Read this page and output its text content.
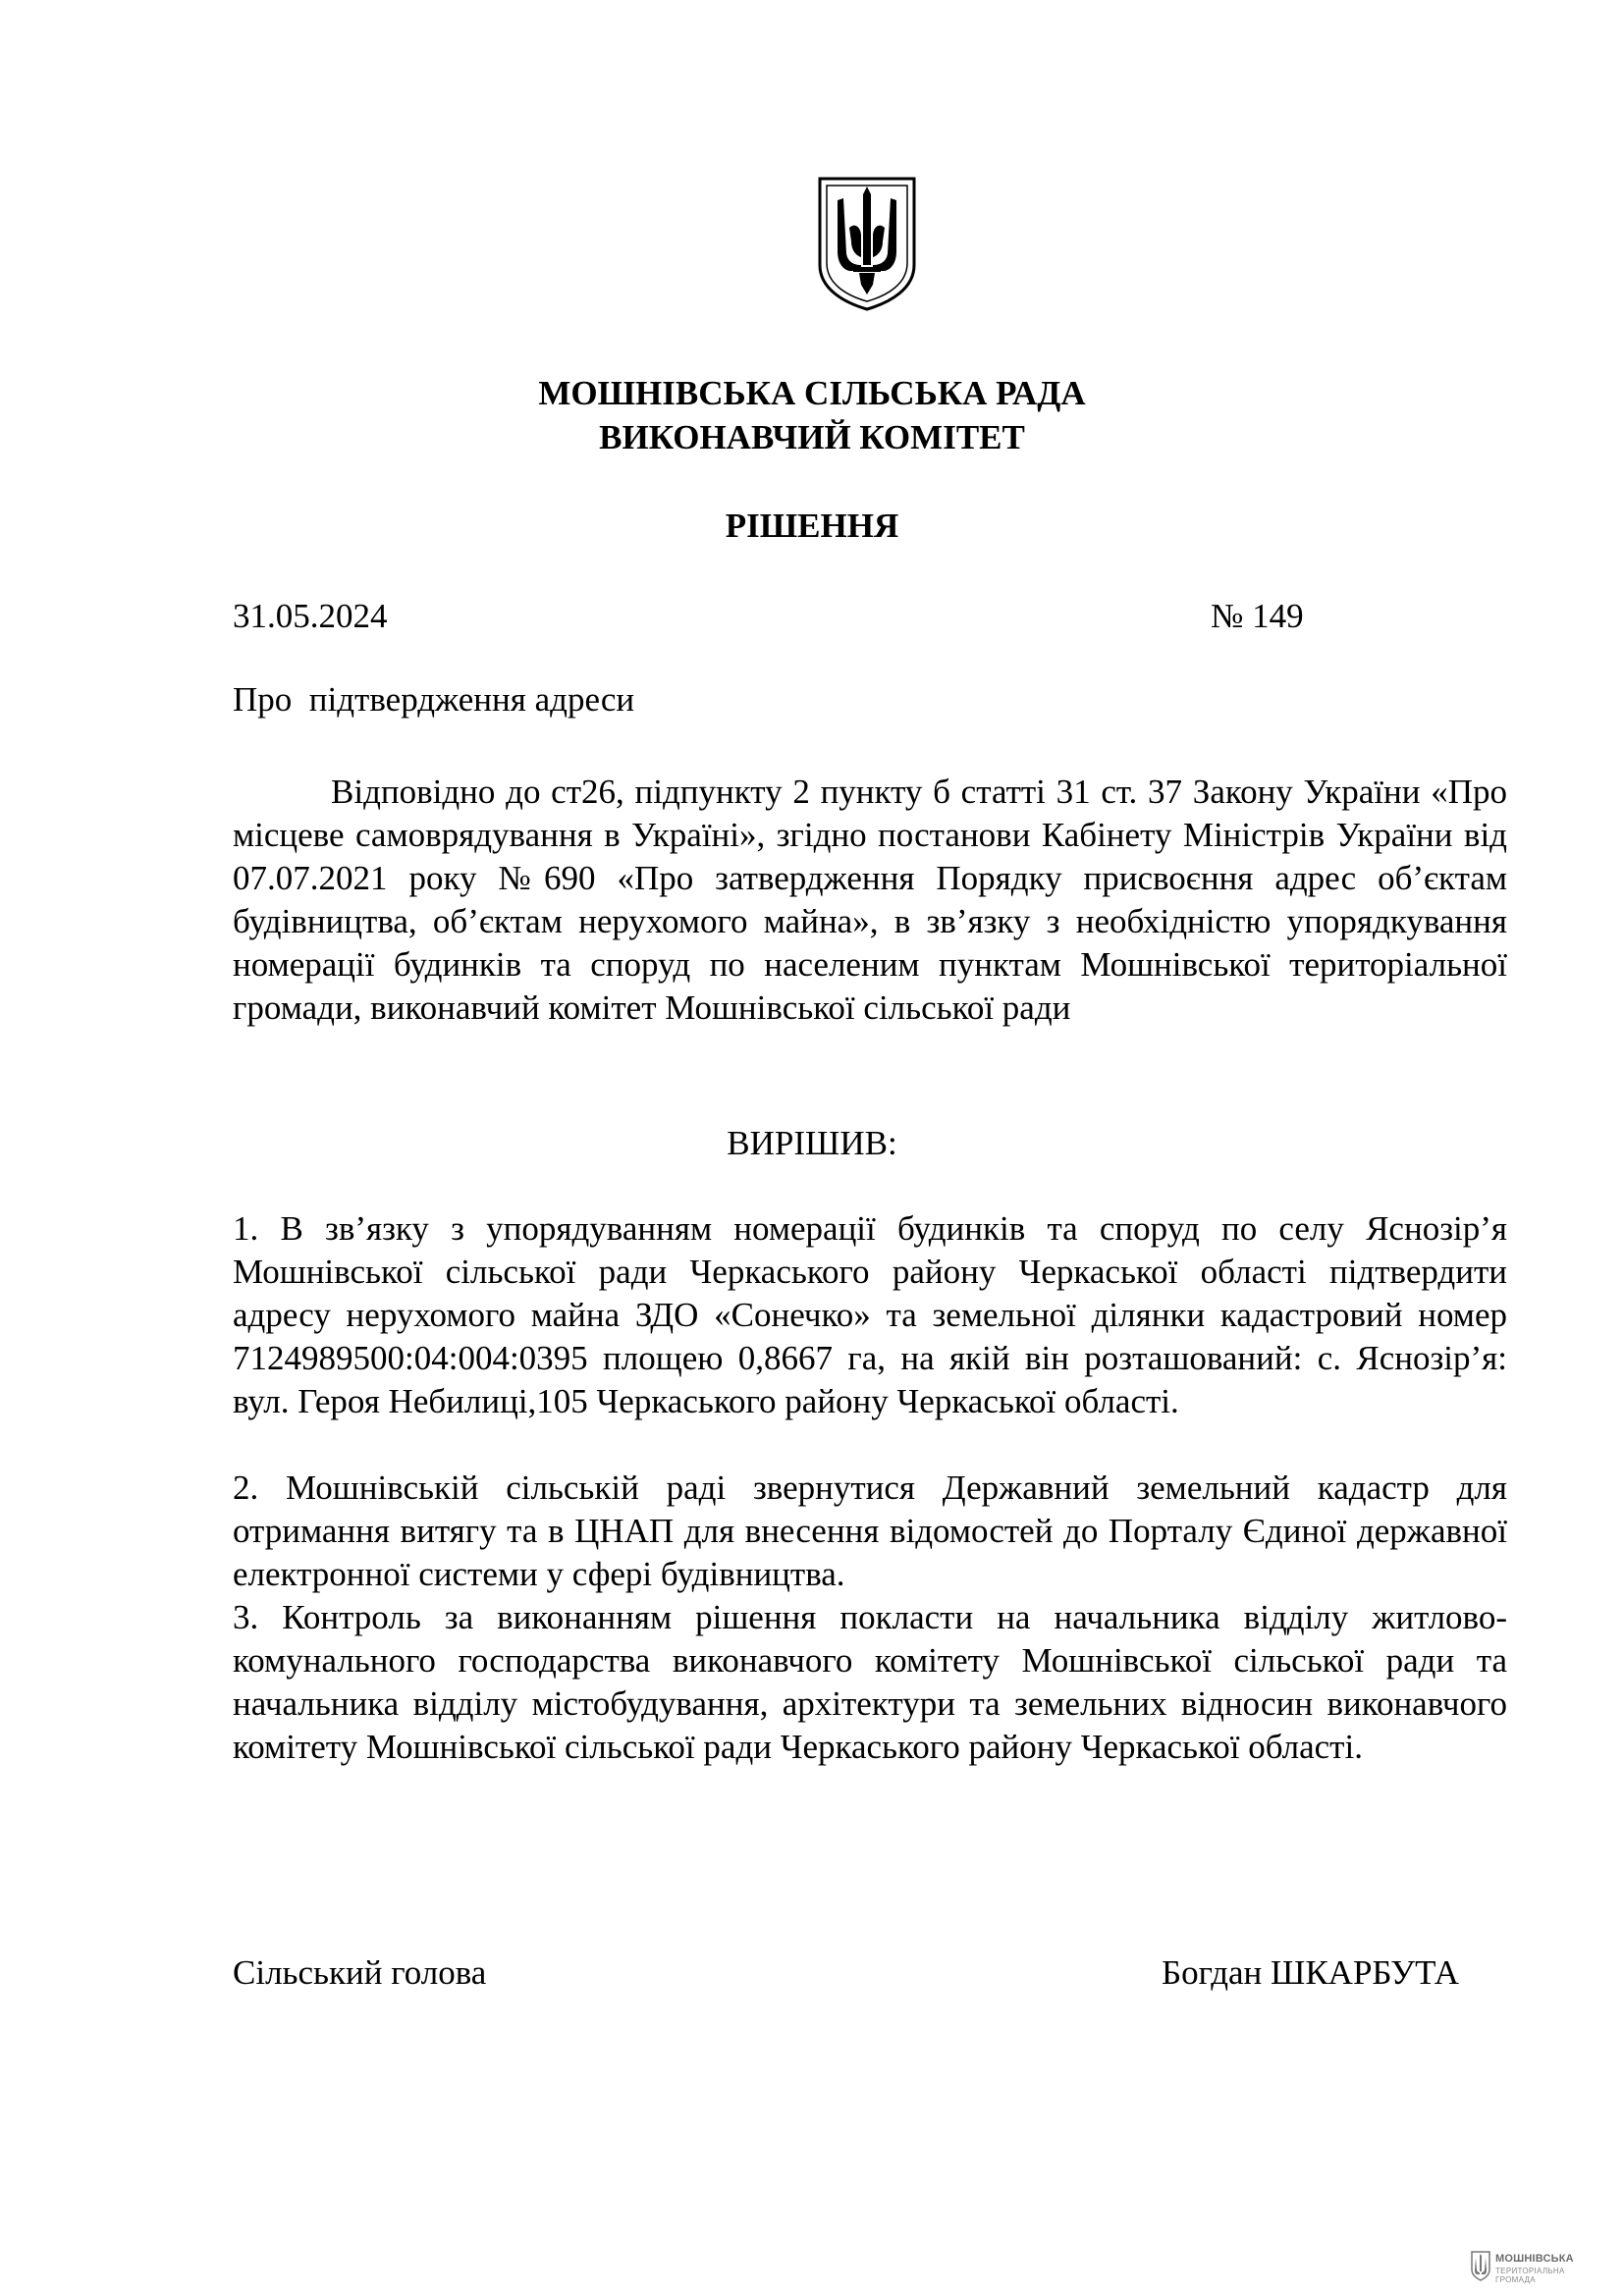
МОШНІВСЬКА СІЛЬСЬКА РАДА

ВИКОНАВЧИЙ КОМІТЕТ

РІШЕННЯ

31.05.2024	№ 149

Про  підтвердження адреси

Відповідно до ст26, підпункту 2 пункту б статті 31 ст. 37 Закону України «Про місцеве самоврядування в Україні», згідно постанови Кабінету Міністрів України від 07.07.2021 року №690 «Про затвердження Порядку присвоєння адрес об’єктам будівництва, об’єктам нерухомого майна», в зв’язку з необхідністю упорядкування номерації будинків та споруд по населеним пунктам Мошнівської територіальної громади, виконавчий комітет Мошнівської сільської ради

ВИРІШИВ:

1. В зв’язку з упорядуванням номерації будинків та споруд по селу Яснозір’я Мошнівської сільської ради Черкаського району Черкаської області підтвердити адресу нерухомого майна ЗДО «Сонечко» та земельної ділянки кадастровий номер 7124989500:04:004:0395 площею 0,8667 га, на якій він розташований: с. Яснозір’я: вул. Героя Небилиці,105 Черкаського району Черкаської області.

2. Мошнівській сільській раді звернутися Державний земельний кадастр для отримання витягу та в ЦНАП для внесення відомостей до Порталу Єдиної державної електронної системи у сфері будівництва.

3. Контроль за виконанням рішення покласти на начальника відділу житлово-комунального господарства виконавчого комітету Мошнівської сільської ради та начальника відділу містобудування, архітектури та земельних відносин виконавчого комітету Мошнівської сільської ради Черкаського району Черкаської області.

Сільський голова	Богдан ШКАРБУТА

МОШНІВСЬКА
ТЕРИТОРІАЛЬНА
ГРОМАДА
